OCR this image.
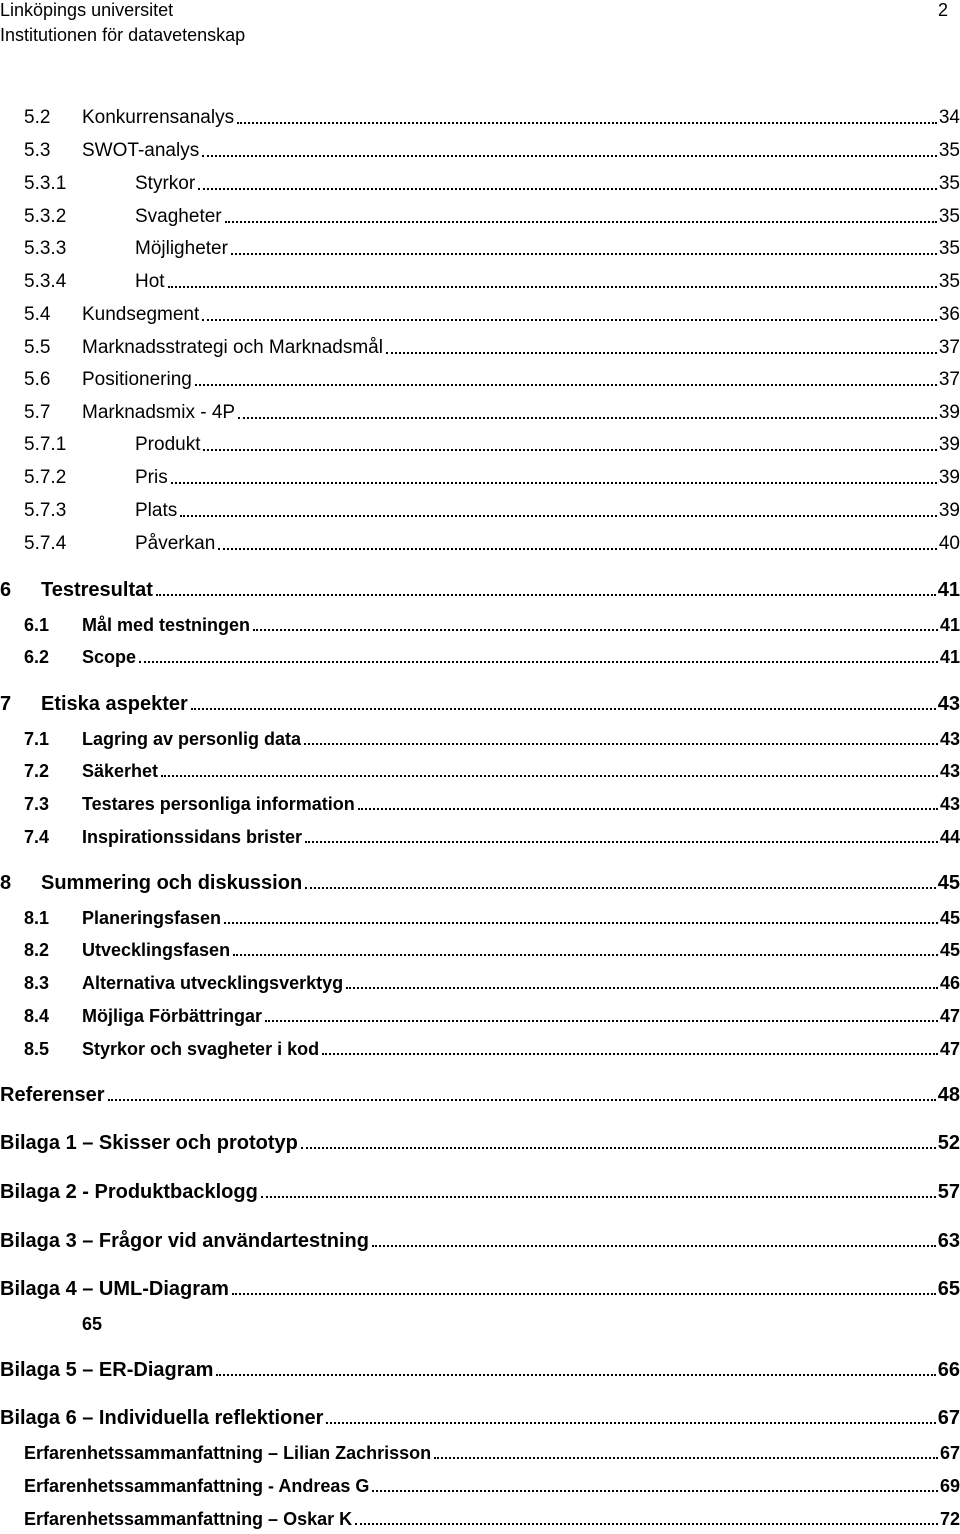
Linköpings universitet
Institutionen för datavetenskap
2
5.2	Konkurrensanalys	34
5.3	SWOT-analys	35
5.3.1	Styrkor	35
5.3.2	Svagheter	35
5.3.3	Möjligheter	35
5.3.4	Hot	35
5.4	Kundsegment	36
5.5	Marknadsstrategi och Marknadsmål	37
5.6	Positionering	37
5.7	Marknadsmix - 4P	39
5.7.1	Produkt	39
5.7.2	Pris	39
5.7.3	Plats	39
5.7.4	Påverkan	40
6	Testresultat	41
6.1	Mål med testningen	41
6.2	Scope	41
7	Etiska aspekter	43
7.1	Lagring av personlig data	43
7.2	Säkerhet	43
7.3	Testares personliga information	43
7.4	Inspirationssidans brister	44
8	Summering och diskussion	45
8.1	Planeringsfasen	45
8.2	Utvecklingsfasen	45
8.3	Alternativa utvecklingsverktyg	46
8.4	Möjliga Förbättringar	47
8.5	Styrkor och svagheter i kod	47
Referenser	48
Bilaga 1 – Skisser och prototyp	52
Bilaga 2 - Produktbacklogg	57
Bilaga 3 – Frågor vid användartestning	63
Bilaga 4 – UML-Diagram	65
Bilaga 5 – ER-Diagram	66
Bilaga 6 – Individuella reflektioner	67
Erfarenhetssammanfattning – Lilian Zachrisson	67
Erfarenhetssammanfattning - Andreas G	69
Erfarenhetssammanfattning – Oskar K	72
65
